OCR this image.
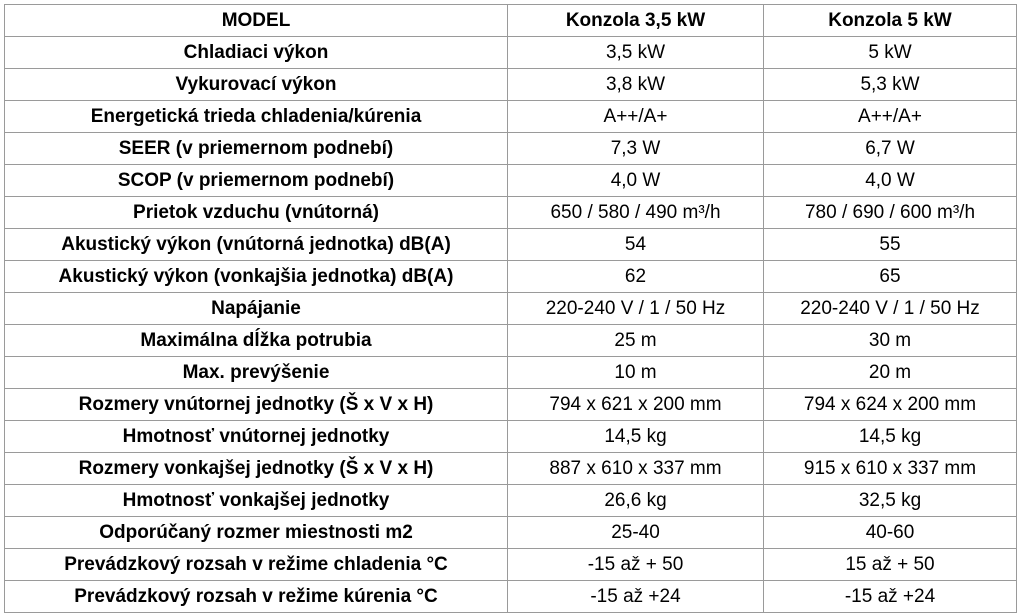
MODEL	Konzola 3,5 kW	Konzola 5 kW
Chladiaci výkon	3,5 kW	5 kW
Vykurovací výkon	3,8 kW	5,3 kW
Energetická trieda chladenia/kúrenia	A++/A+	A++/A+
SEER (v priemernom podnebí)	7,3 W	6,7 W
SCOP (v priemernom podnebí)	4,0 W	4,0 W
Prietok vzduchu (vnútorná)	650 / 580 / 490 m³/h	780 / 690 / 600 m³/h
Akustický výkon (vnútorná jednotka) dB(A)	54	55
Akustický výkon (vonkajšia jednotka) dB(A)	62	65
Napájanie	220-240 V / 1 / 50 Hz	220-240 V / 1 / 50 Hz
Maximálna dĺžka potrubia	25 m	30 m
Max. prevýšenie	10 m	20 m
Rozmery vnútornej jednotky (Š x V x H)	794 x 621 x 200 mm	794 x 624 x 200 mm
Hmotnosť vnútornej jednotky	14,5 kg	14,5 kg
Rozmery vonkajšej jednotky (Š x V x H)	887 x 610 x 337 mm	915 x 610 x 337 mm
Hmotnosť vonkajšej jednotky	26,6 kg	32,5 kg
Odporúčaný rozmer miestnosti m2	25-40	40-60
Prevádzkový rozsah v režime chladenia °C	-15 až + 50	15 až + 50
Prevádzkový rozsah v režime kúrenia °C	-15 až +24	-15 až +24
